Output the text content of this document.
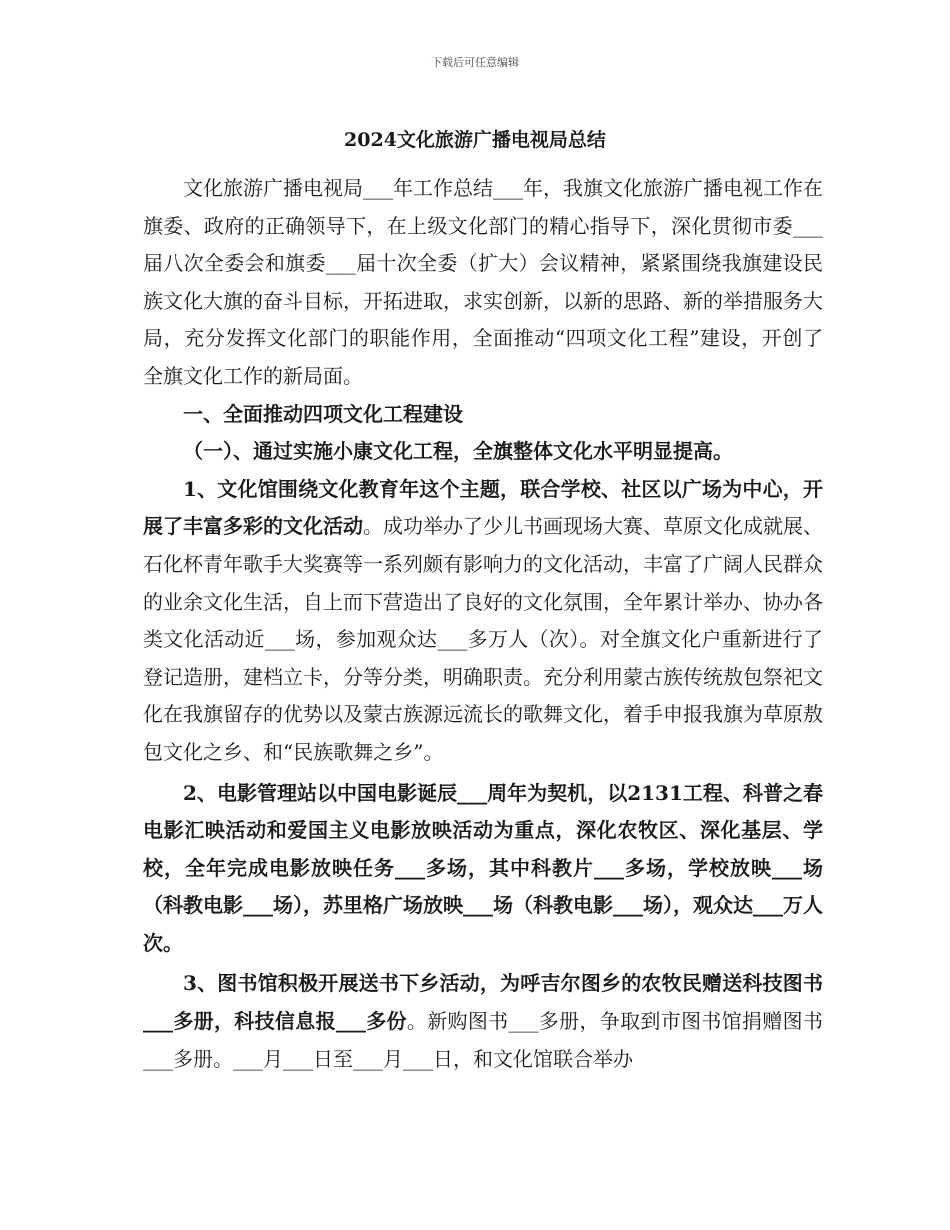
下载后可任意编辑
2024文化旅游广播电视局总结

文化旅游广播电视局___年工作总结___年，我旗文化旅游广播电视工作在旗委、政府的正确领导下，在上级文化部门的精心指导下，深化贯彻市委___届八次全委会和旗委___届十次全委（扩大）会议精神，紧紧围绕我旗建设民族文化大旗的奋斗目标，开拓进取，求实创新，以新的思路、新的举措服务大局，充分发挥文化部门的职能作用，全面推动“四项文化工程”建设，开创了全旗文化工作的新局面。

一、全面推动四项文化工程建设

（一）、通过实施小康文化工程，全旗整体文化水平明显提高。

1、文化馆围绕文化教育年这个主题，联合学校、社区以广场为中心，开展了丰富多彩的文化活动。成功举办了少儿书画现场大赛、草原文化成就展、石化杯青年歌手大奖赛等一系列颇有影响力的文化活动，丰富了广阔人民群众的业余文化生活，自上而下营造出了良好的文化氛围，全年累计举办、协办各类文化活动近___场，参加观众达___多万人（次）。对全旗文化户重新进行了登记造册，建档立卡，分等分类，明确职责。充分利用蒙古族传统敖包祭祀文化在我旗留存的优势以及蒙古族源远流长的歌舞文化，着手申报我旗为草原敖包文化之乡、和“民族歌舞之乡”。

2、电影管理站以中国电影诞辰___周年为契机，以2131工程、科普之春电影汇映活动和爱国主义电影放映活动为重点，深化农牧区、深化基层、学校，全年完成电影放映任务___多场，其中科教片___多场，学校放映___场（科教电影___场），苏里格广场放映___场（科教电影___场），观众达___万人次。

3、图书馆积极开展送书下乡活动，为呼吉尔图乡的农牧民赠送科技图书___多册，科技信息报___多份。新购图书___多册，争取到市图书馆捐赠图书___多册。___月___日至___月___日，和文化馆联合举办
